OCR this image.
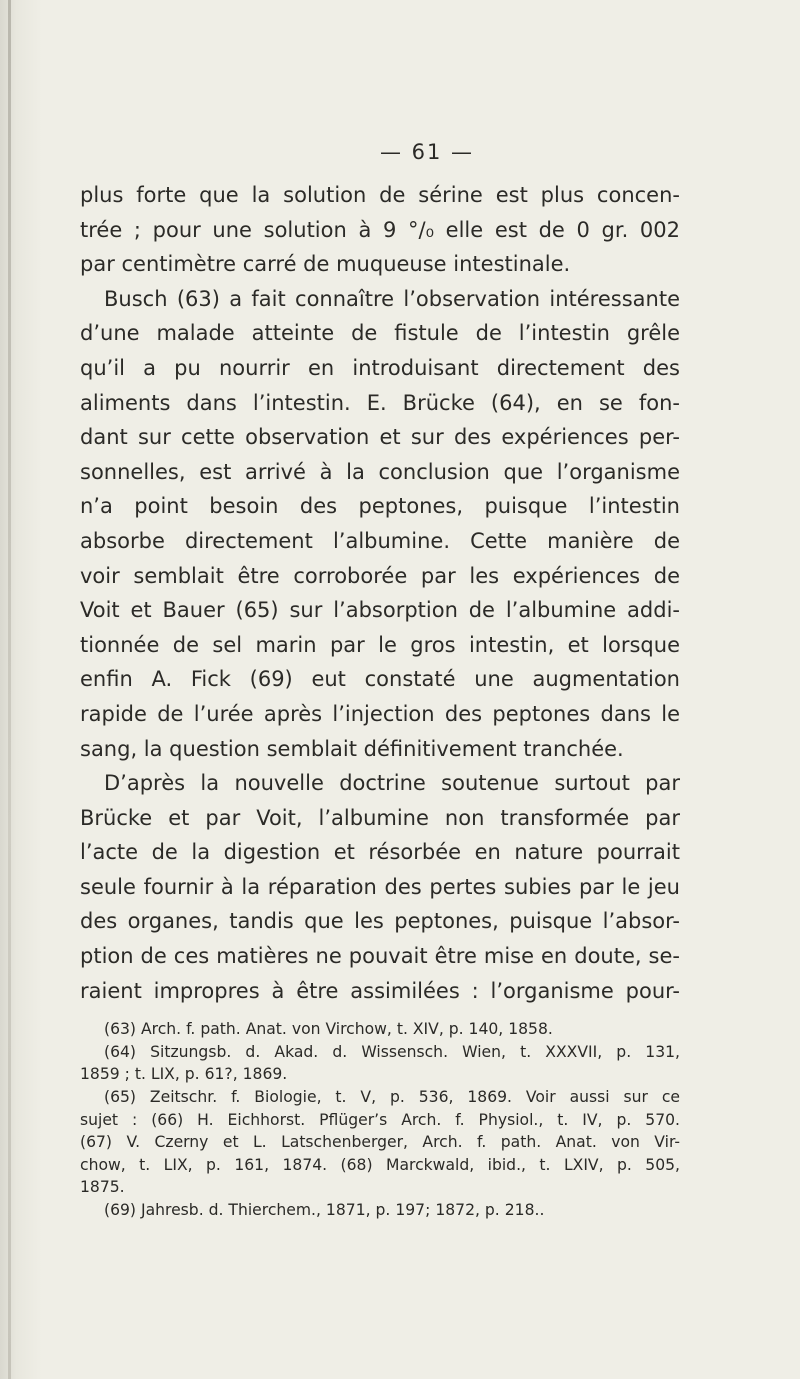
— 61 —
plus forte que la solution de sérine est plus concen-
trée ; pour une solution à 9 °/₀ elle est de 0 gr. 002
par centimètre carré de muqueuse intestinale.
Busch (63) a fait connaître l’observation intéressante
d’une malade atteinte de fistule de l’intestin grêle
qu’il a pu nourrir en introduisant directement des
aliments dans l’intestin. E. Brücke (64), en se fon-
dant sur cette observation et sur des expériences per-
sonnelles, est arrivé à la conclusion que l’organisme
n’a point besoin des peptones, puisque l’intestin
absorbe directement l’albumine. Cette manière de
voir semblait être corroborée par les expériences de
Voit et Bauer (65) sur l’absorption de l’albumine addi-
tionnée de sel marin par le gros intestin, et lorsque
enfin A. Fick (69) eut constaté une augmentation
rapide de l’urée après l’injection des peptones dans le
sang, la question semblait définitivement tranchée.
D’après la nouvelle doctrine soutenue surtout par
Brücke et par Voit, l’albumine non transformée par
l’acte de la digestion et résorbée en nature pourrait
seule fournir à la réparation des pertes subies par le jeu
des organes, tandis que les peptones, puisque l’absor-
ption de ces matières ne pouvait être mise en doute, se-
raient impropres à être assimilées : l’organisme pour-
(63) Arch. f. path. Anat. von Virchow, t. XIV, p. 140, 1858.
(64) Sitzungsb. d. Akad. d. Wissensch. Wien, t. XXXVII, p. 131,
1859 ; t. LIX, p. 61?, 1869.
(65) Zeitschr. f. Biologie, t. V, p. 536, 1869. Voir aussi sur ce
sujet : (66) H. Eichhorst. Pflüger’s Arch. f. Physiol., t. IV, p. 570.
(67) V. Czerny et L. Latschenberger, Arch. f. path. Anat. von Vir-
chow, t. LIX, p. 161, 1874. (68) Marckwald, ibid., t. LXIV, p. 505,
1875.
(69) Jahresb. d. Thierchem., 1871, p. 197; 1872, p. 218..
